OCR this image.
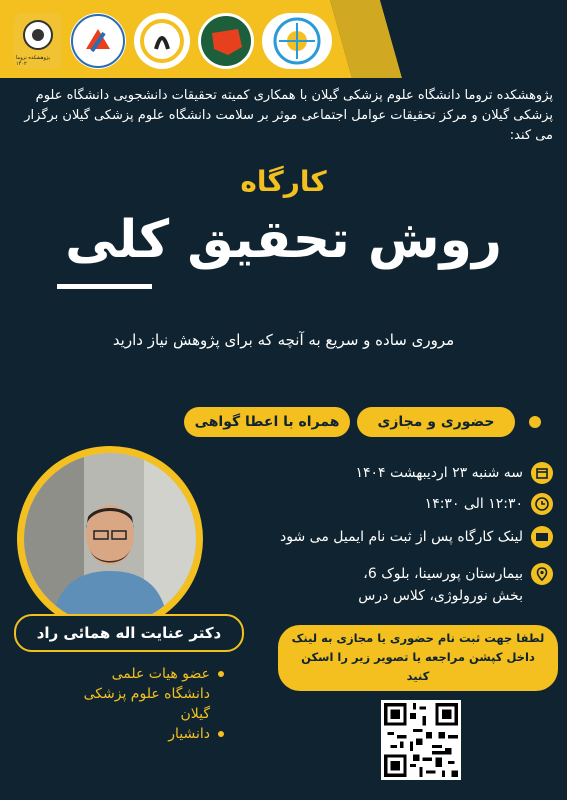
پژوهشکده تروما ۱۴۰۲
پژوهشکده تروما دانشگاه علوم پزشکی گیلان با همکاری کمیته تحقیقات دانشجویی دانشگاه علوم پزشکی گیلان و مرکز تحقیقات عوامل اجتماعی موثر بر سلامت دانشگاه علوم پزشکی گیلان برگزار می کند:
کارگاه
روش تحقیق کلی
مروری ساده و سریع به آنچه که برای پژوهش نیاز دارید
حضوری و مجازی
همراه با اعطا گواهی
سه شنبه ۲۳ اردیبهشت ۱۴۰۴
۱۲:۳۰ الی ۱۴:۳۰
لینک کارگاه پس از ثبت نام ایمیل می شود
بیمارستان پورسینا، بلوک 6،
بخش نورولوژی، کلاس درس
دکتر عنایت اله همائی راد
عضو هیات علمی
دانشگاه علوم پزشکی
گیلان
دانشیار
لطفا جهت ثبت نام حضوری یا مجازی به لینک
داخل کپشن مراجعه یا تصویر زیر را اسکن
کنید
